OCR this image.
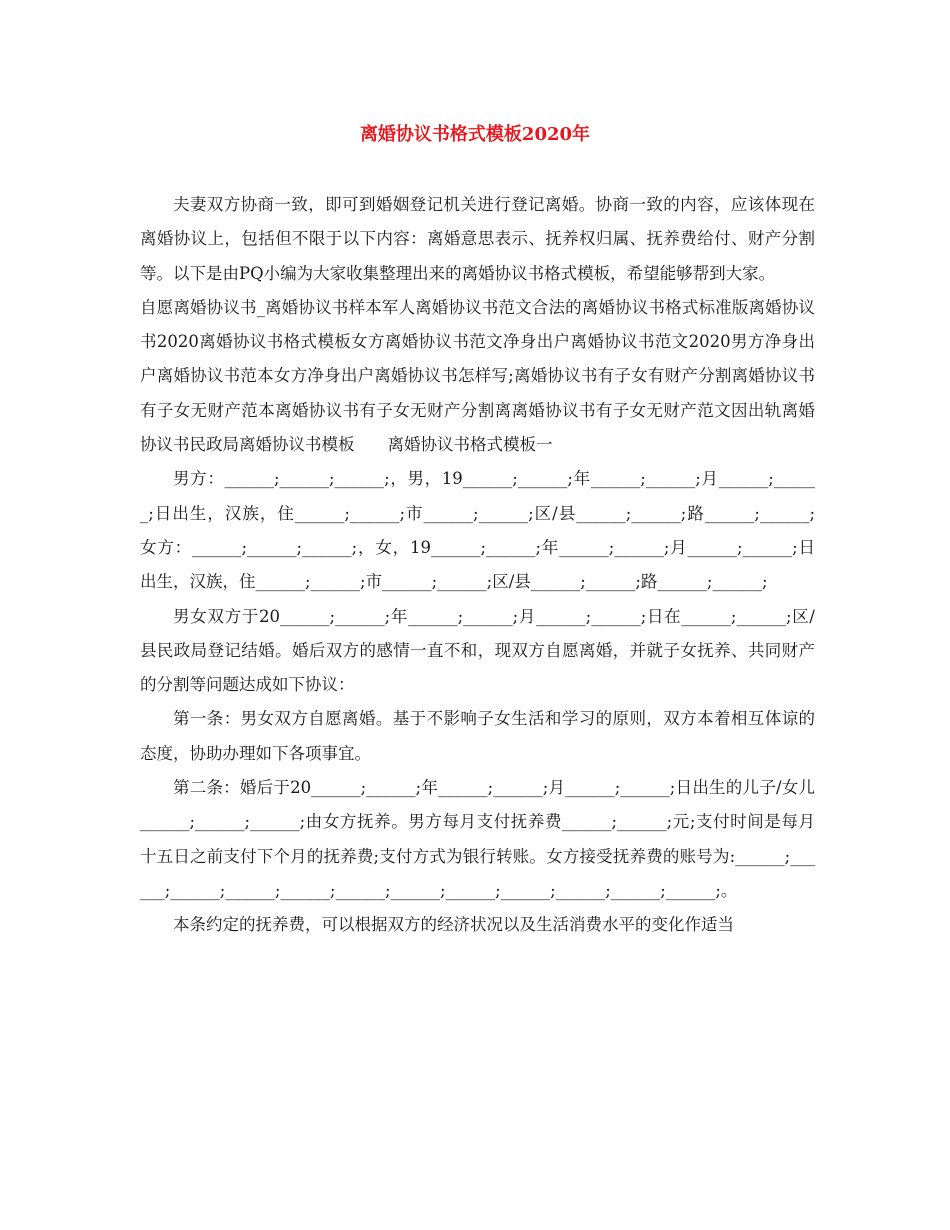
离婚协议书格式模板2020年

夫妻双方协商一致，即可到婚姻登记机关进行登记离婚。协商一致的内容，应该体现在离婚协议上，包括但不限于以下内容：离婚意思表示、抚养权归属、抚养费给付、财产分割等。以下是由PQ小编为大家收集整理出来的离婚协议书格式模板，希望能够帮到大家。

自愿离婚协议书_离婚协议书样本军人离婚协议书范文合法的离婚协议书格式标准版离婚协议书2020离婚协议书格式模板女方离婚协议书范文净身出户离婚协议书范文2020男方净身出户离婚协议书范本女方净身出户离婚协议书怎样写;离婚协议书有子女有财产分割离婚协议书有子女无财产范本离婚协议书有子女无财产分割离离婚协议书有子女无财产范文因出轨离婚协议书民政局离婚协议书模板　　离婚协议书格式模板一

男方：______;______;______;，男，19______;______;年______;______;月______;______;日出生，汉族，住______;______;市______;______;区/县______;______;路______;______; 女方：______;______;______;，女，19______;______;年______;______;月______;______;日出生，汉族，住______;______;市______;______;区/县______;______;路______;______;

男女双方于20______;______;年______;______;月______;______;日在______;______;区/县民政局登记结婚。婚后双方的感情一直不和，现双方自愿离婚，并就子女抚养、共同财产的分割等问题达成如下协议：

第一条：男女双方自愿离婚。基于不影响子女生活和学习的原则，双方本着相互体谅的态度，协助办理如下各项事宜。

第二条：婚后于20______;______;年______;______;月______;______;日出生的儿子/女儿______;______;______;由女方抚养。男方每月支付抚养费______;______;元;支付时间是每月十五日之前支付下个月的抚养费;支付方式为银行转账。女方接受抚养费的账号为:______;______;______;______;______;______;______;______;______;______;______;______;。

本条约定的抚养费，可以根据双方的经济状况以及生活消费水平的变化作适当
